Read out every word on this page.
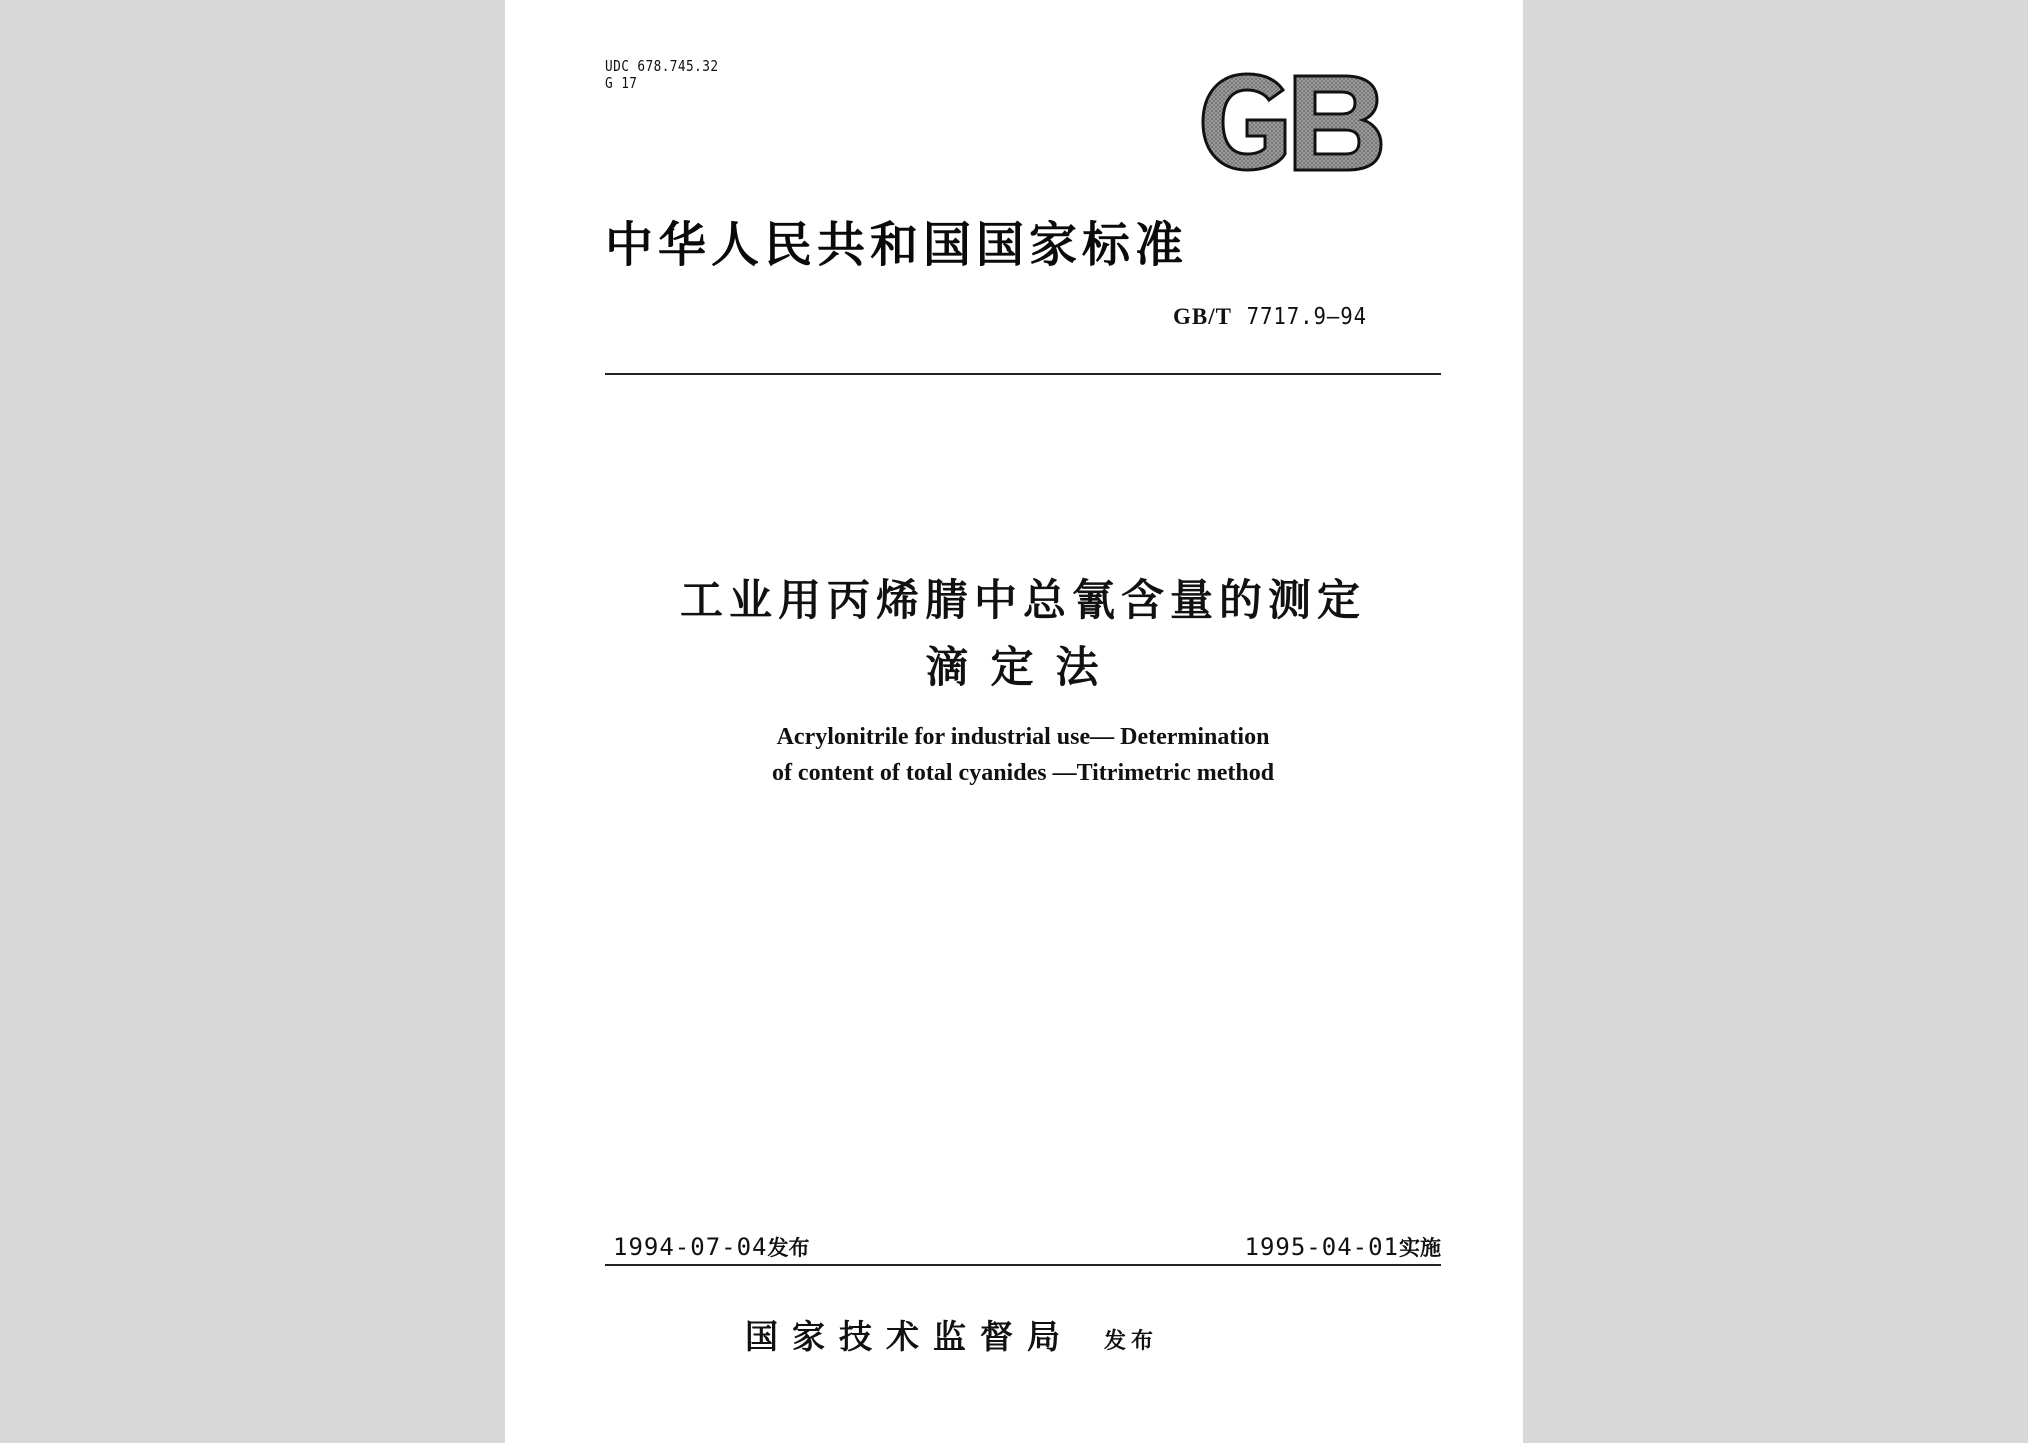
UDC 678.745.32
G 17
中华人民共和国国家标准
GB/T 7717.9—94
工业用丙烯腈中总氰含量的测定
滴定法
Acrylonitrile for industrial use— Determination
of content of total cyanides —Titrimetric method
1994-07-04发布	1995-04-01实施
国家技术监督局 发布
